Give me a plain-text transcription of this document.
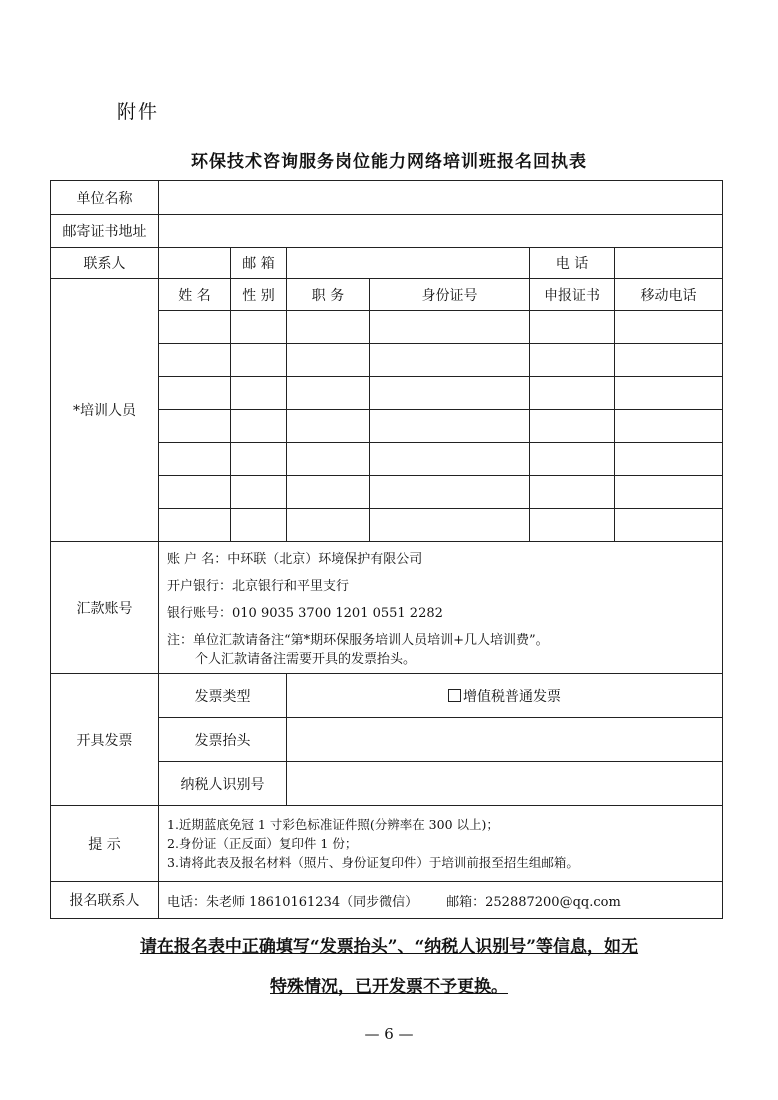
附件
环保技术咨询服务岗位能力网络培训班报名回执表
单位名称						
邮寄证书地址						
联系人		邮 箱			电 话	
*培训人员	姓 名	性 别	职 务	身份证号	申报证书	移动电话

汇款账号	账 户 名：中环联（北京）环境保护有限公司
开户银行：北京银行和平里支行
银行账号：010 9035 3700 1201 0551 2282
注：单位汇款请备注“第*期环保服务培训人员培训+几人培训费”。
个人汇款请备注需要开具的发票抬头。					

开具发票	发票类型		增值税普通发票			
	发票抬头					
	纳税人识别号					
提 示	1.近期蓝底免冠 1 寸彩色标准证件照(分辨率在 300 以上)；
2.身份证（正反面）复印件 1 份；
3.请将此表及报名材料（照片、身份证复印件）于培训前报至招生组邮箱。					

报名联系人	电话：朱老师 18610161234（同步微信） 邮箱：252887200@qq.com					
请在报名表中正确填写“发票抬头”、“纳税人识别号”等信息，如无
特殊情况，已开发票不予更换。
— 6 —
